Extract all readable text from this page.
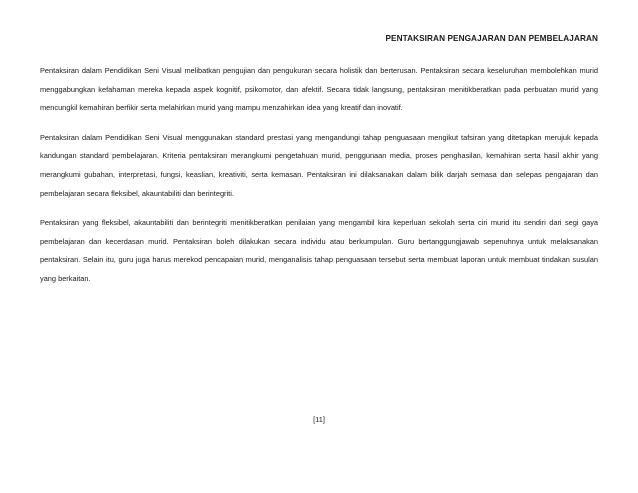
PENTAKSIRAN PENGAJARAN DAN PEMBELAJARAN

Pentaksiran dalam Pendidikan Seni Visual melibatkan pengujian dan pengukuran secara holistik dan berterusan. Pentaksiran secara keseluruhan membolehkan murid menggabungkan kefahaman mereka kepada aspek kognitif, psikomotor, dan afektif. Secara tidak langsung, pentaksiran menitikberatkan pada perbuatan murid yang mencungkil kemahiran berfikir serta melahirkan murid yang mampu menzahirkan idea yang kreatif dan inovatif.

Pentaksiran dalam Pendidikan Seni Visual menggunakan standard prestasi yang mengandungi tahap penguasaan mengikut tafsiran yang ditetapkan merujuk kepada kandungan standard pembelajaran. Kriteria pentaksiran merangkumi pengetahuan murid, penggunaan media, proses penghasilan, kemahiran serta hasil akhir yang merangkumi gubahan, interpretasi, fungsi, keaslian, kreativiti, serta kemasan. Pentaksiran ini dilaksanakan dalam bilik darjah semasa dan selepas pengajaran dan pembelajaran secara fleksibel, akauntabiliti dan berintegriti.

Pentaksiran yang fleksibel, akauntabiliti dan berintegriti menitikberatkan penilaian yang mengambil kira keperluan sekolah serta ciri murid itu sendiri dari segi gaya pembelajaran dan kecerdasan murid. Pentaksiran boleh dilakukan secara individu atau berkumpulan. Guru bertanggungjawab sepenuhnya untuk melaksanakan pentaksiran. Selain itu, guru juga harus merekod pencapaian murid, menganalisis tahap penguasaan tersebut serta membuat laporan untuk membuat tindakan susulan yang berkaitan.

[11]
